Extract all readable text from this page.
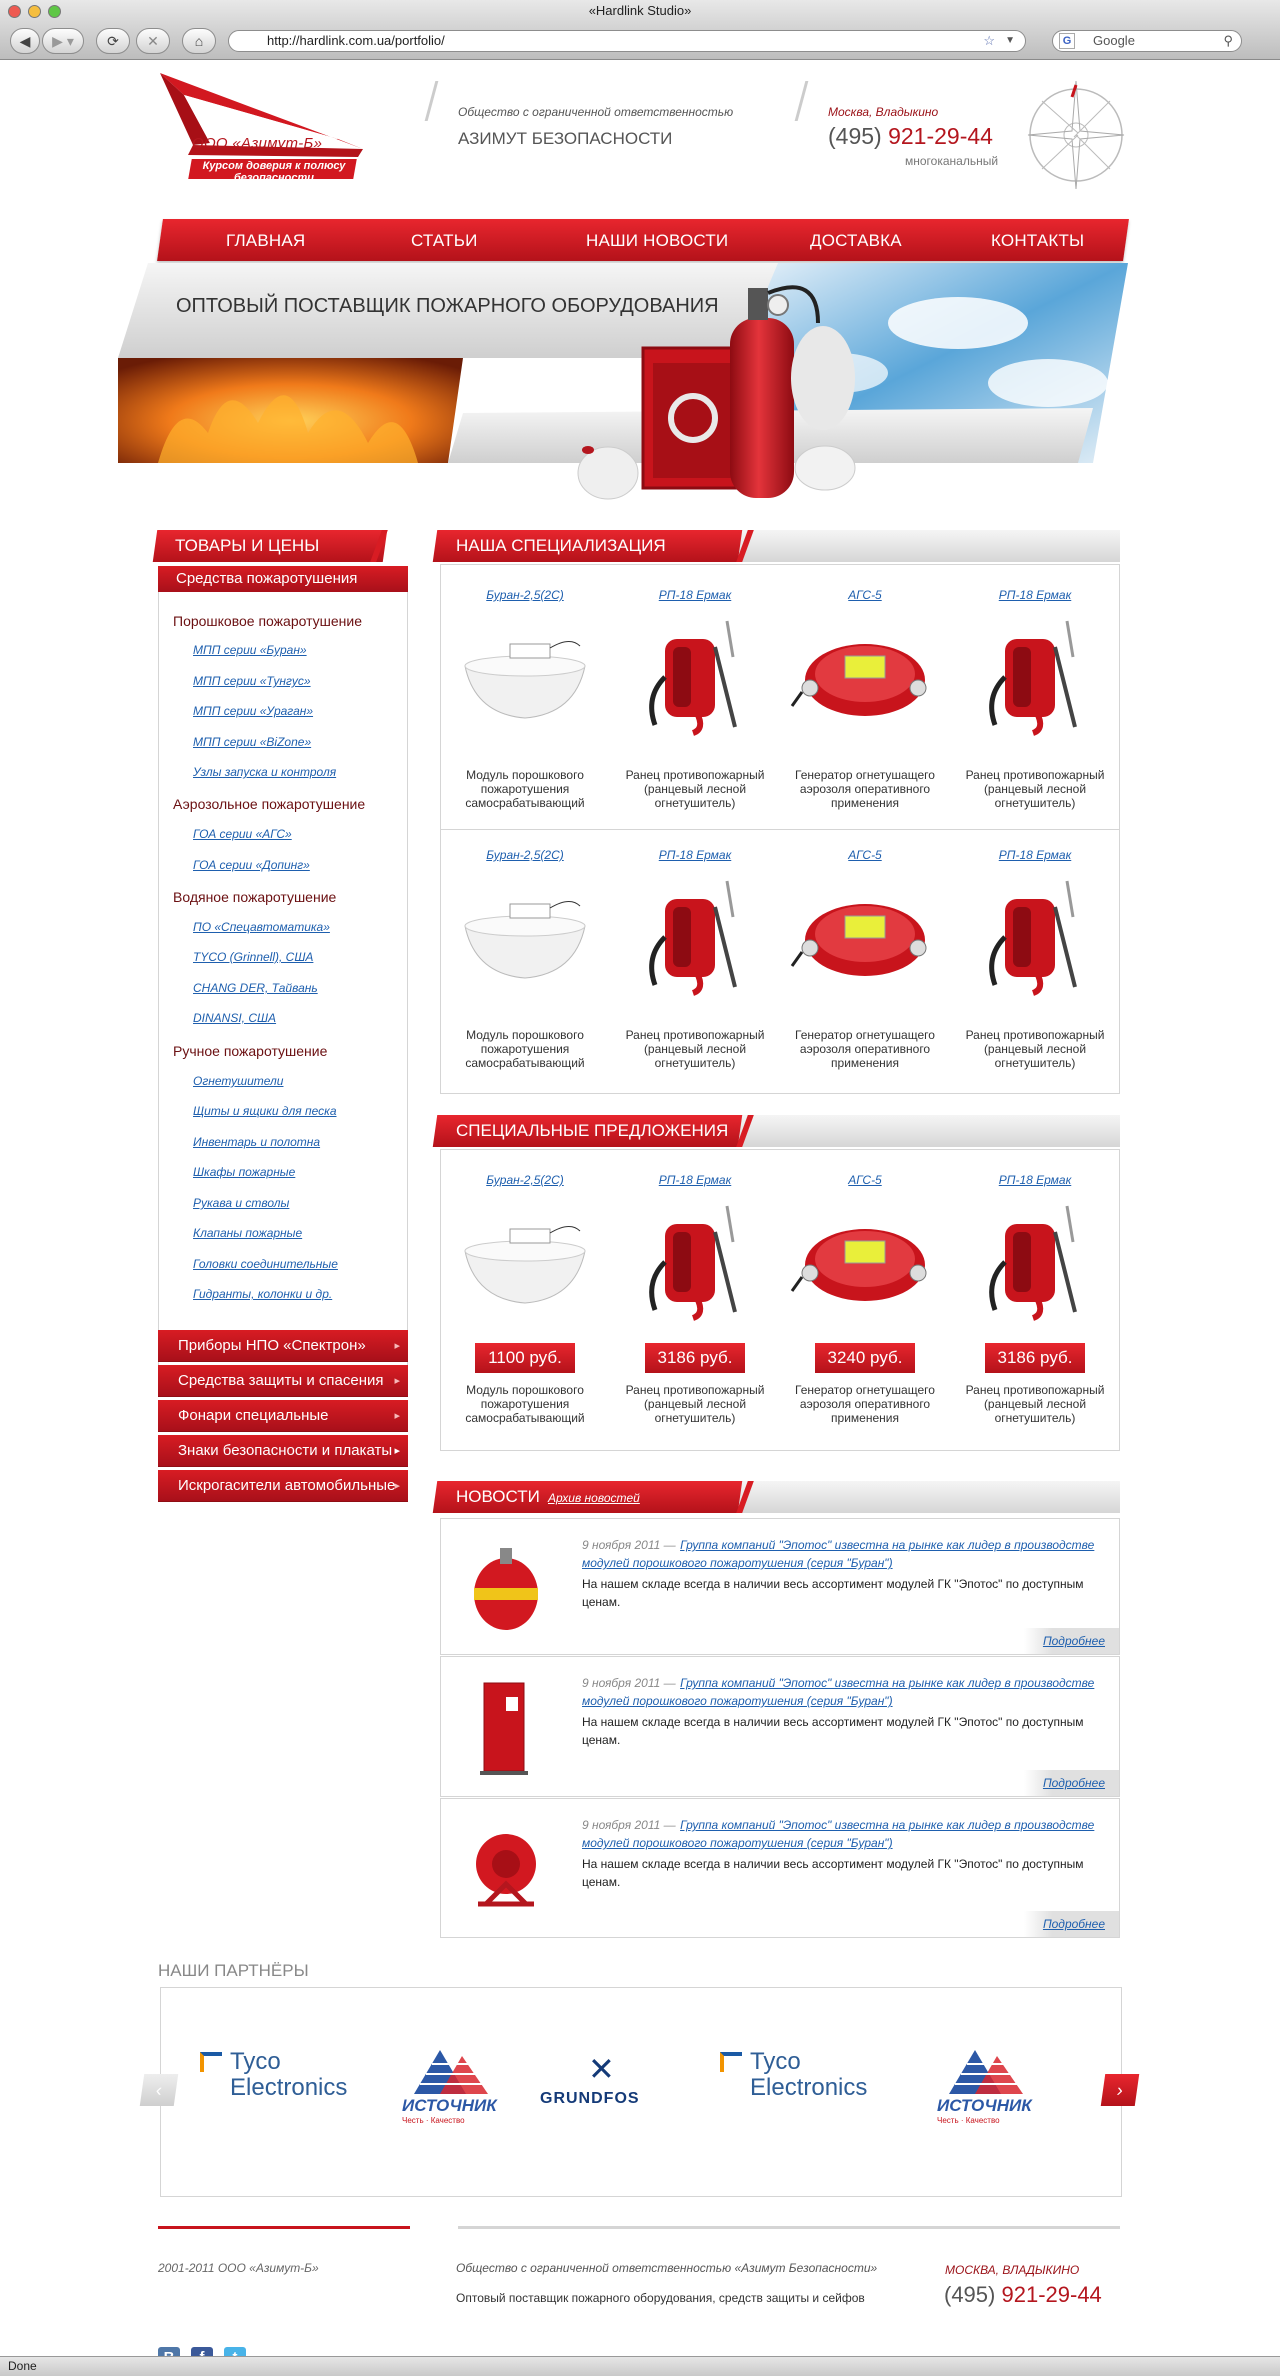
«Hardlink Studio»
◀	▶ ▾	⟳	✕	⌂	http://hardlink.com.ua/portfolio/	☆ ▼	G Google	⚲
Курсом доверия к полюсу безопасности
ООО «Азимут-Б»
Общество с ограниченной ответственностью
АЗИМУТ БЕЗОПАСНОСТИ
Москва, Владыкино
(495) 921-29-44
многоканальный
ГЛАВНАЯ	СТАТЬИ	НАШИ НОВОСТИ	ДОСТАВКА	КОНТАКТЫ
ОПТОВЫЙ ПОСТАВЩИК ПОЖАРНОГО ОБОРУДОВАНИЯ
ТОВАРЫ И ЦЕНЫ
Средства пожаротушения
Порошковое пожаротушение
МПП серии «Буран»
МПП серии «Тунгус»
МПП серии «Ураган»
МПП серии «BiZone»
Узлы запуска и контроля
Аэрозольное пожаротушение
ГОА серии «АГС»
ГОА серии «Допинг»
Водяное пожаротушение
ПО «Спецавтоматика»
TYCO (Grinnell), США
CHANG DER, Тайвань
DINANSI, США
Ручное пожаротушение
Огнетушители
Щиты и ящики для песка
Инвентарь и полотна
Шкафы пожарные
Рукава и стволы
Клапаны пожарные
Головки соединительные
Гидранты, колонки и др.
Приборы НПО «Спектрон»	▸
Средства защиты и спасения ▸
Фонари специальные	▸
Знаки безопасности и плакаты ▸
Искрогасители автомобильные ▸
НАША СПЕЦИАЛИЗАЦИЯ
СПЕЦИАЛЬНЫЕ ПРЕДЛОЖЕНИЯ
НОВОСТИ Архив новостей
НАШИ ПАРТНЁРЫ
‹	›
2001-2011 ООО «Азимут-Б»	Общество с ограниченной ответственностью «Азимут Безопасности»
Оптовый поставщик пожарного оборудования, средств защиты и сейфов
МОСКВА, ВЛАДЫКИНО
(495) 921-29-44
Буран-2,5(2С)
Модуль порошкового пожаротушения самосрабатывающий
РП-18 Ермак
Ранец противопожарный (ранцевый лесной огнетушитель)
АГС-5
Генератор огнетушащего аэрозоля оперативного применения
РП-18 Ермак
Ранец противопожарный (ранцевый лесной огнетушитель)
Буран-2,5(2С)
Модуль порошкового пожаротушения самосрабатывающий
РП-18 Ермак
Ранец противопожарный (ранцевый лесной огнетушитель)
АГС-5
Генератор огнетушащего аэрозоля оперативного применения
РП-18 Ермак
Ранец противопожарный (ранцевый лесной огнетушитель)
Буран-2,5(2С)
1100 руб.
Модуль порошкового пожаротушения самосрабатывающий
РП-18 Ермак
3186 руб.
Ранец противопожарный (ранцевый лесной огнетушитель)
АГС-5
3240 руб.
Генератор огнетушащего аэрозоля оперативного применения
РП-18 Ермак
3186 руб.
Ранец противопожарный (ранцевый лесной огнетушитель)
9 ноября 2011 — Группа компаний "Эпотос" известна на рынке как лидер в производстве модулей порошкового пожаротушения (серия "Буран")
На нашем складе всегда в наличии весь ассортимент модулей ГК "Эпотос" по доступным ценам.
Подробнее
9 ноября 2011 — Группа компаний "Эпотос" известна на рынке как лидер в производстве модулей порошкового пожаротушения (серия "Буран")
На нашем складе всегда в наличии весь ассортимент модулей ГК "Эпотос" по доступным ценам.
Подробнее
9 ноября 2011 — Группа компаний "Эпотос" известна на рынке как лидер в производстве модулей порошкового пожаротушения (серия "Буран")
На нашем складе всегда в наличии весь ассортимент модулей ГК "Эпотос" по доступным ценам.
Подробнее
Tyco
Electronics
ИСТОЧНИК
Честь · Качество
✕
GRUNDFOS
Tyco
Electronics
ИСТОЧНИК
Честь · Качество
Done
